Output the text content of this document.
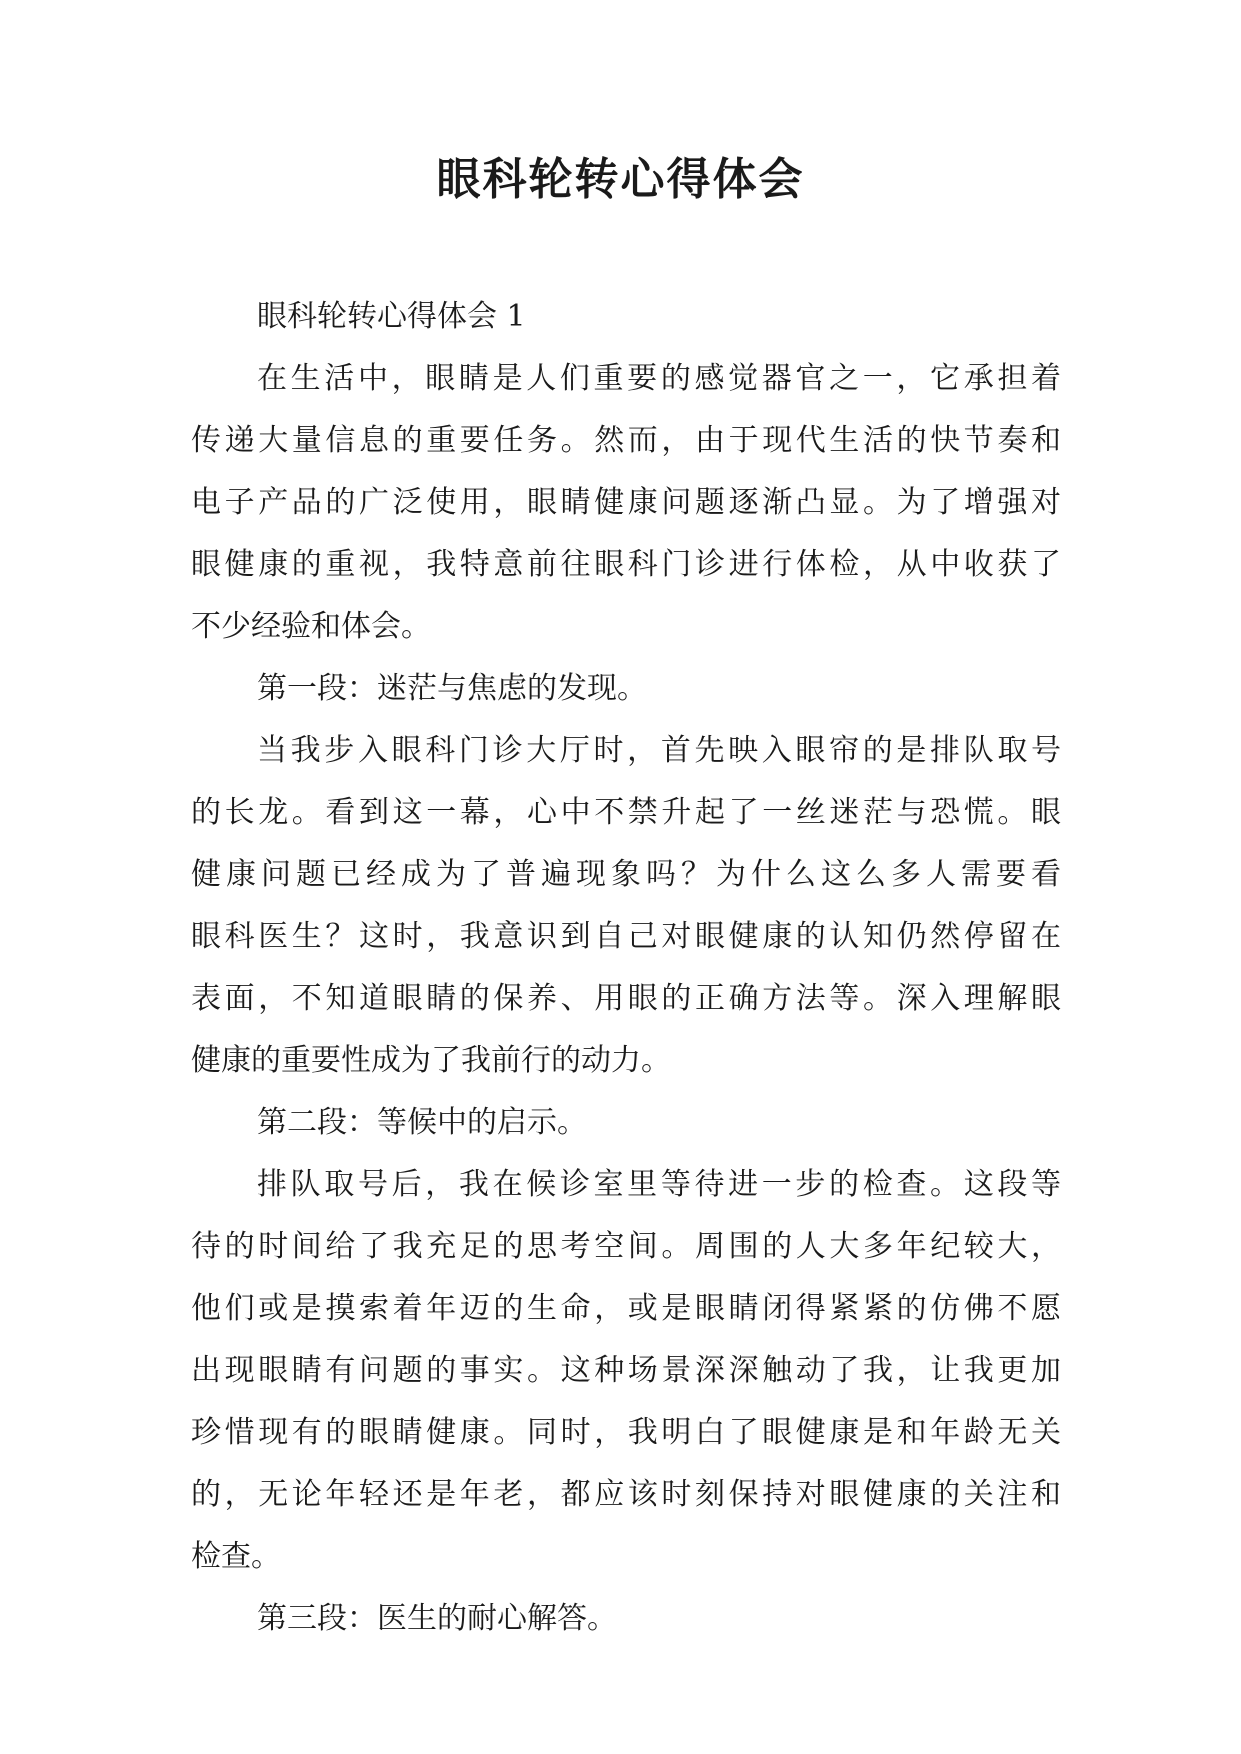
眼科轮转心得体会
眼科轮转心得体会 1
在生活中，眼睛是人们重要的感觉器官之一，它承担着
传递大量信息的重要任务。然而，由于现代生活的快节奏和
电子产品的广泛使用，眼睛健康问题逐渐凸显。为了增强对
眼健康的重视，我特意前往眼科门诊进行体检，从中收获了
不少经验和体会。
第一段：迷茫与焦虑的发现。
当我步入眼科门诊大厅时，首先映入眼帘的是排队取号
的长龙。看到这一幕，心中不禁升起了一丝迷茫与恐慌。眼
健康问题已经成为了普遍现象吗？为什么这么多人需要看
眼科医生？这时，我意识到自己对眼健康的认知仍然停留在
表面，不知道眼睛的保养、用眼的正确方法等。深入理解眼
健康的重要性成为了我前行的动力。
第二段：等候中的启示。
排队取号后，我在候诊室里等待进一步的检查。这段等
待的时间给了我充足的思考空间。周围的人大多年纪较大，
他们或是摸索着年迈的生命，或是眼睛闭得紧紧的仿佛不愿
出现眼睛有问题的事实。这种场景深深触动了我，让我更加
珍惜现有的眼睛健康。同时，我明白了眼健康是和年龄无关
的，无论年轻还是年老，都应该时刻保持对眼健康的关注和
检查。
第三段：医生的耐心解答。
